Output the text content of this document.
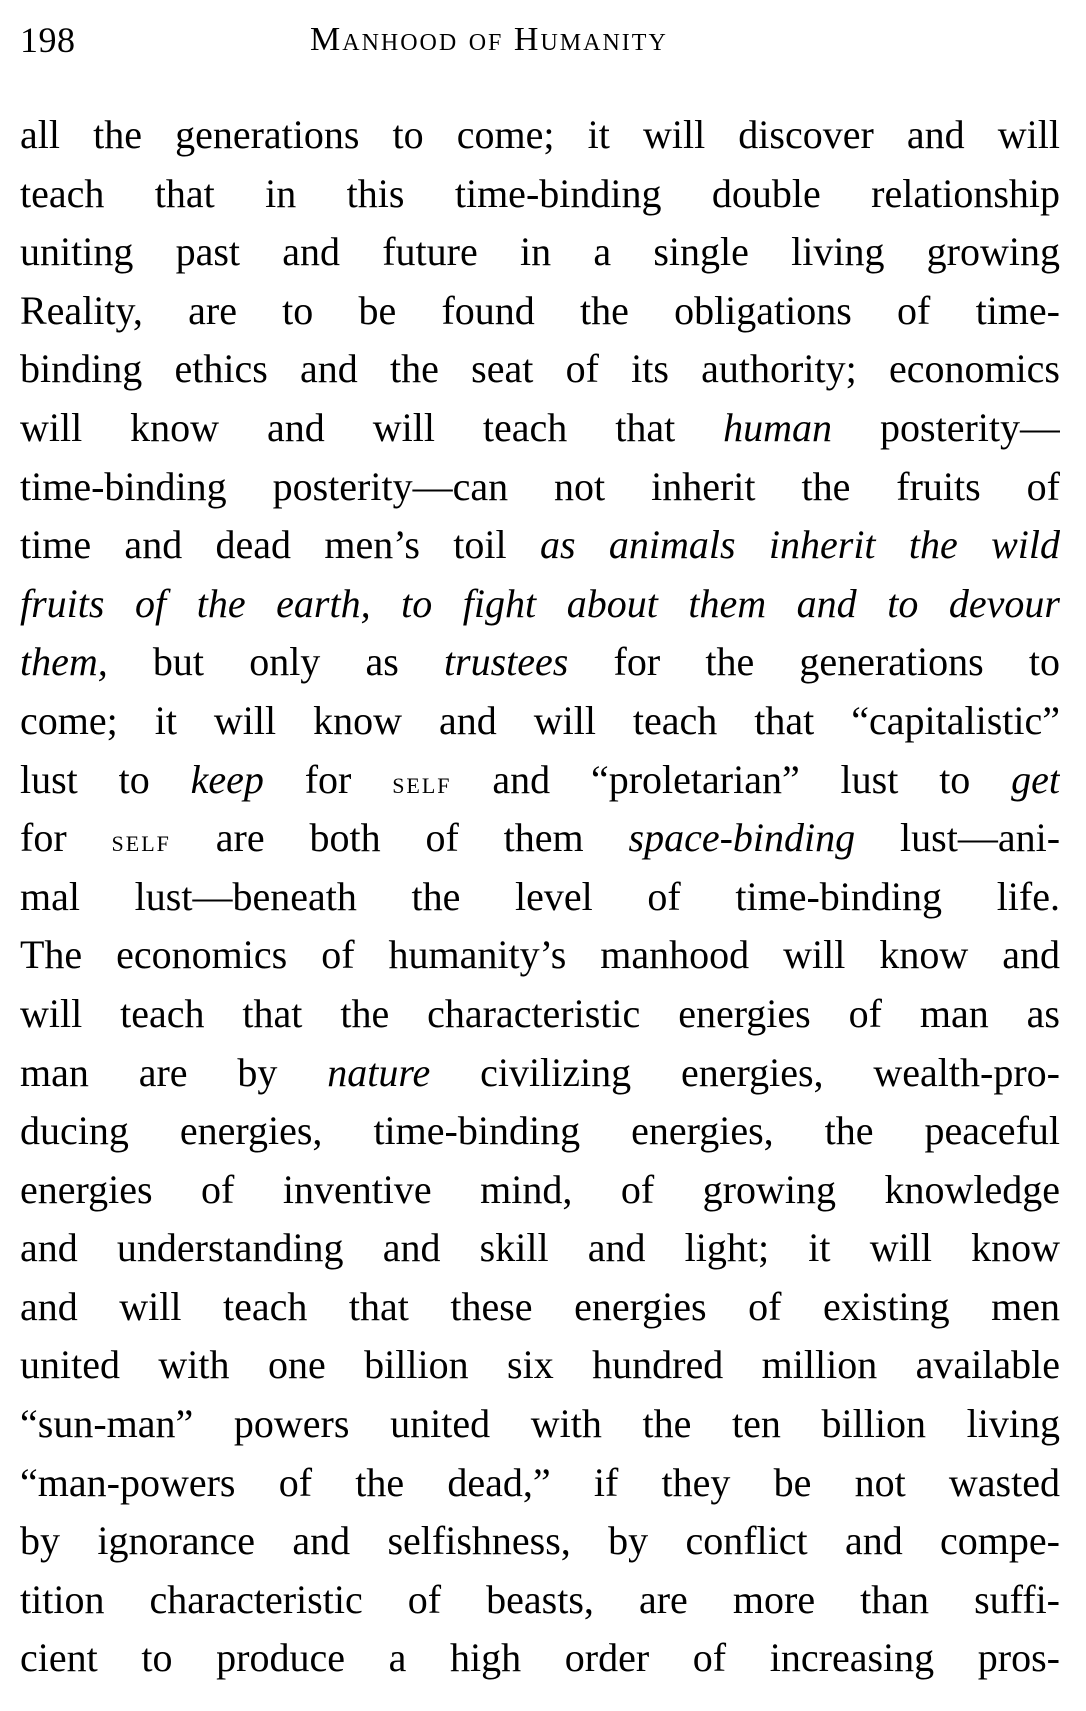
198	Manhood of Humanity
all the generations to come; it will discover and will
teach that in this time-binding double relationship
uniting past and future in a single living growing
Reality, are to be found the obligations of time-
binding ethics and the seat of its authority; economics
will know and will teach that human posterity—
time-binding posterity—can not inherit the fruits of
time and dead men’s toil as animals inherit the wild
fruits of the earth, to fight about them and to devour
them, but only as trustees for the generations to
come; it will know and will teach that “capitalistic”
lust to keep for self and “proletarian” lust to get
for self are both of them space-binding lust—ani-
mal lust—beneath the level of time-binding life.
The economics of humanity’s manhood will know and
will teach that the characteristic energies of man as
man are by nature civilizing energies, wealth-pro-
ducing energies, time-binding energies, the peaceful
energies of inventive mind, of growing knowledge
and understanding and skill and light; it will know
and will teach that these energies of existing men
united with one billion six hundred million available
“sun-man” powers united with the ten billion living
“man-powers of the dead,” if they be not wasted
by ignorance and selfishness, by conflict and compe-
tition characteristic of beasts, are more than suffi-
cient to produce a high order of increasing pros-
